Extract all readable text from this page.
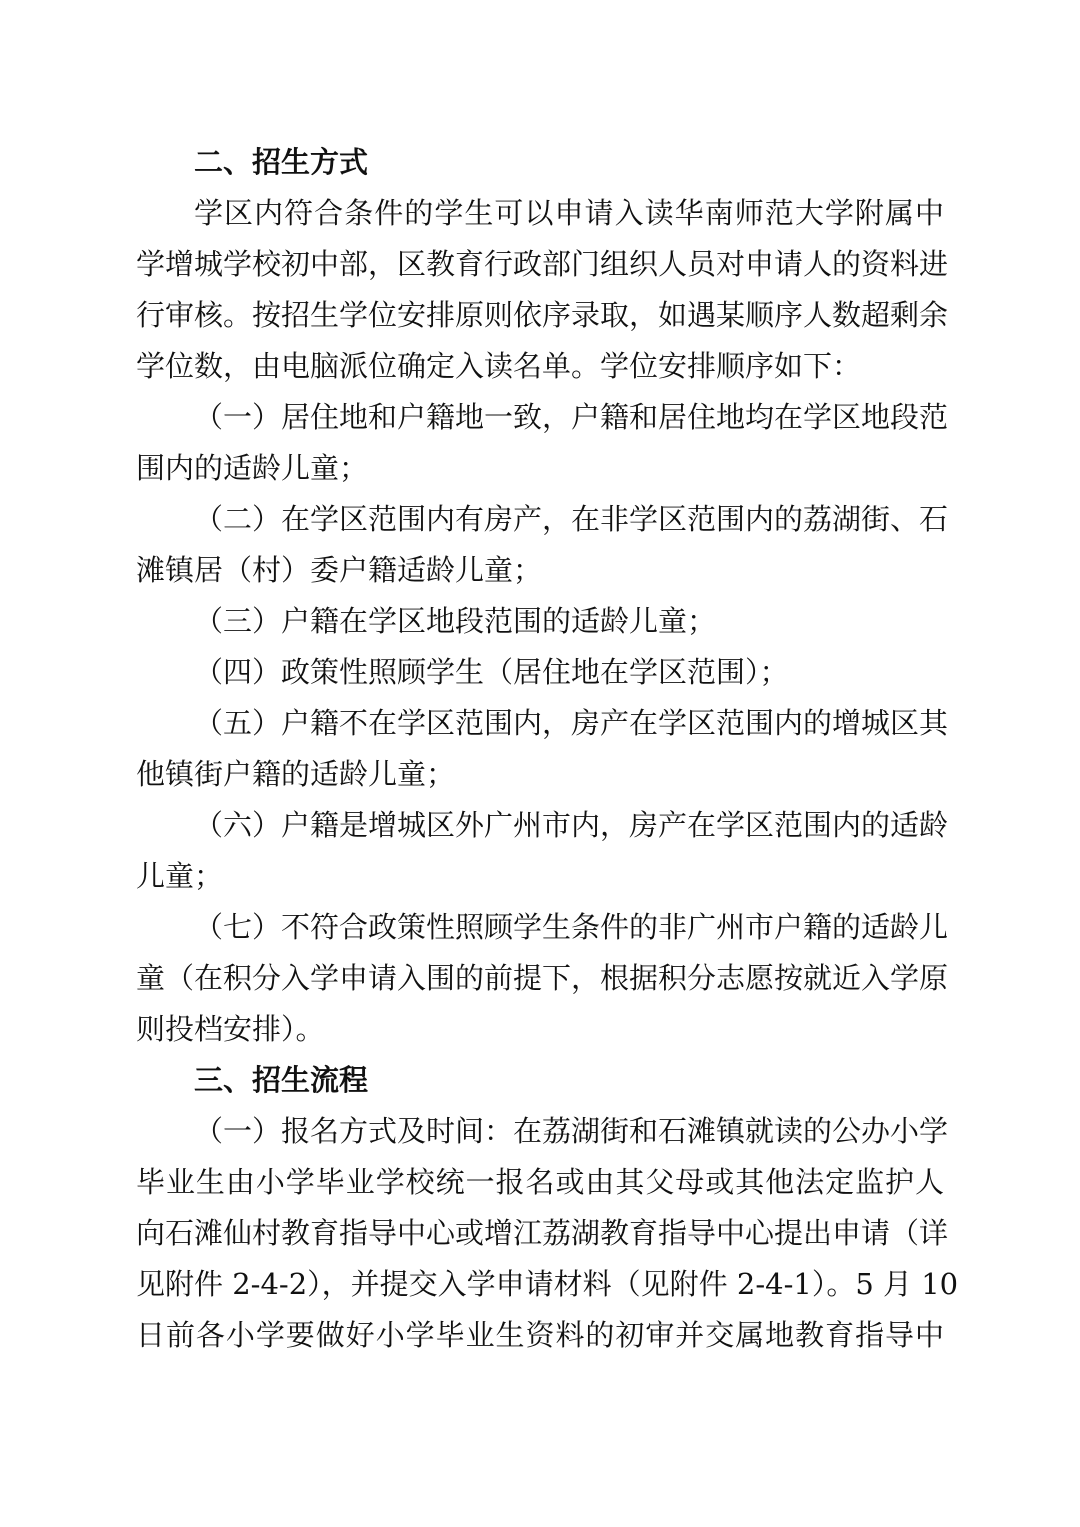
二、招生方式

学区内符合条件的学生可以申请入读华南师范大学附属中

学增城学校初中部，区教育行政部门组织人员对申请人的资料进

行审核。按招生学位安排原则依序录取，如遇某顺序人数超剩余

学位数，由电脑派位确定入读名单。学位安排顺序如下：

（一）居住地和户籍地一致，户籍和居住地均在学区地段范

围内的适龄儿童；

（二）在学区范围内有房产，在非学区范围内的荔湖街、石

滩镇居（村）委户籍适龄儿童；

（三）户籍在学区地段范围的适龄儿童；

（四）政策性照顾学生（居住地在学区范围）；

（五）户籍不在学区范围内，房产在学区范围内的增城区其

他镇街户籍的适龄儿童；

（六）户籍是增城区外广州市内，房产在学区范围内的适龄

儿童；

（七）不符合政策性照顾学生条件的非广州市户籍的适龄儿

童（在积分入学申请入围的前提下，根据积分志愿按就近入学原

则投档安排）。

三、招生流程

（一）报名方式及时间：在荔湖街和石滩镇就读的公办小学

毕业生由小学毕业学校统一报名或由其父母或其他法定监护人

向石滩仙村教育指导中心或增江荔湖教育指导中心提出申请（详

见附件 2-4-2），并提交入学申请材料（见附件 2-4-1）。5 月 10

日前各小学要做好小学毕业生资料的初审并交属地教育指导中
